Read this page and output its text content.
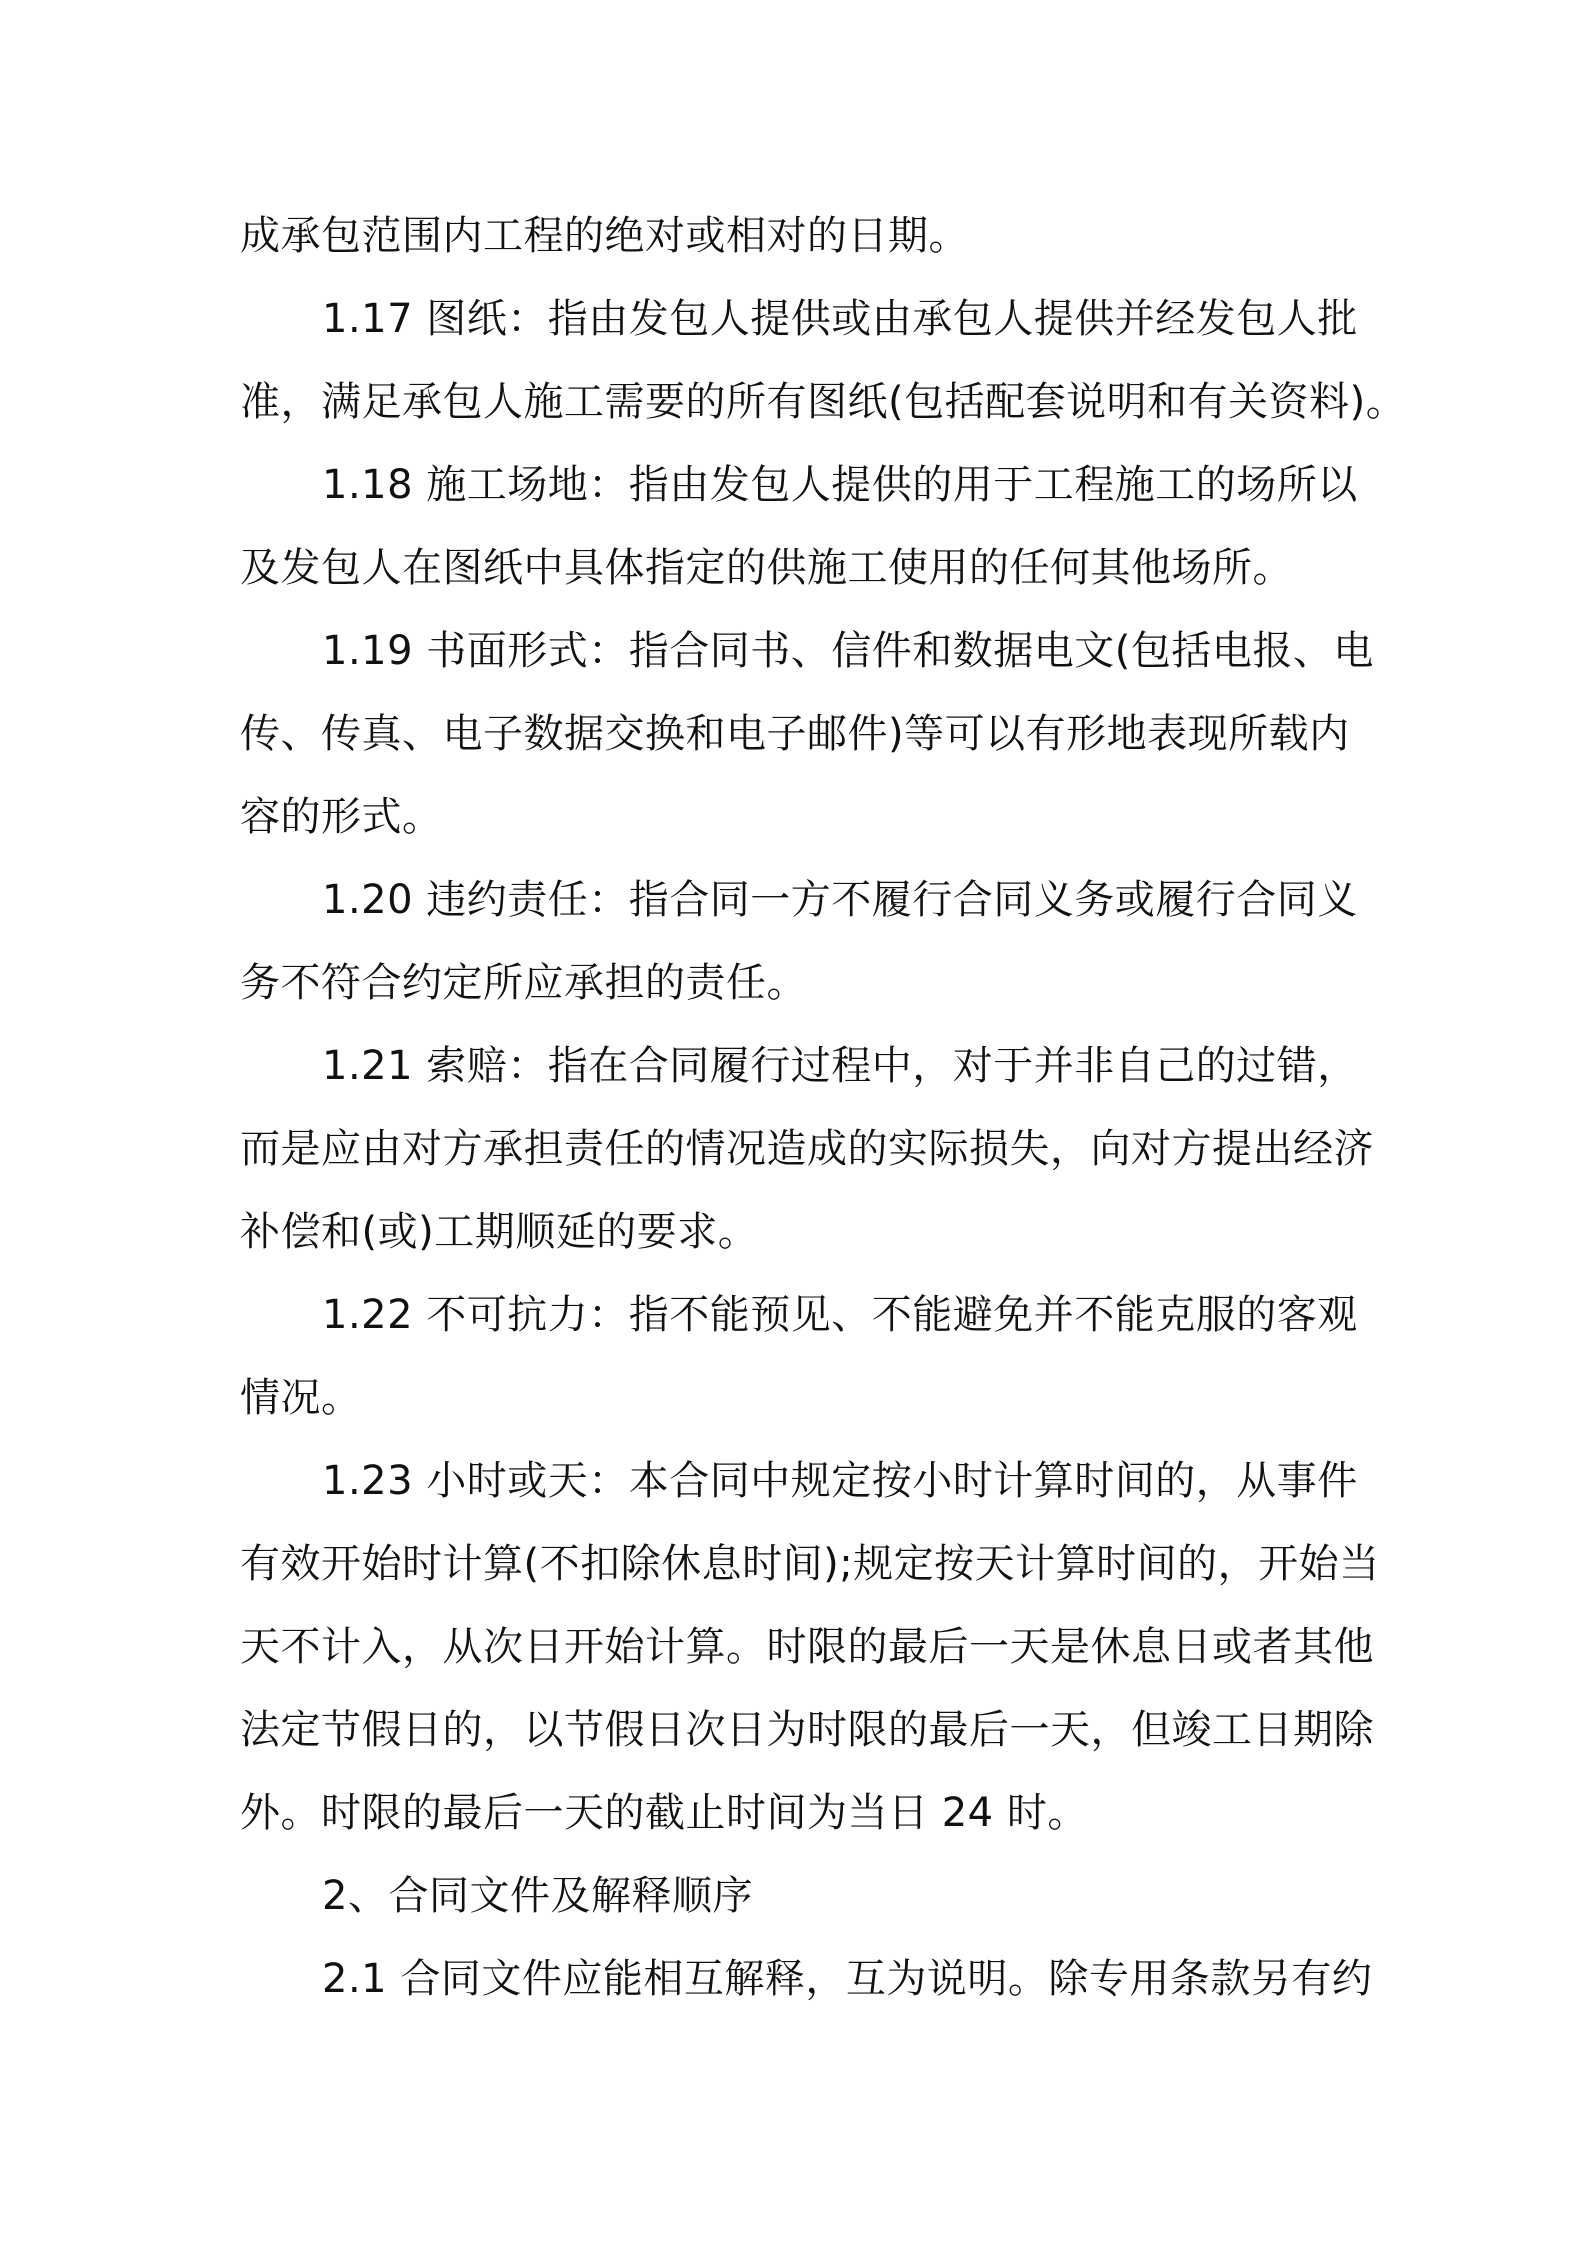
成承包范围内工程的绝对或相对的日期。
1.17 图纸：指由发包人提供或由承包人提供并经发包人批
准，满足承包人施工需要的所有图纸(包括配套说明和有关资料)。
1.18 施工场地：指由发包人提供的用于工程施工的场所以
及发包人在图纸中具体指定的供施工使用的任何其他场所。
1.19 书面形式：指合同书、信件和数据电文(包括电报、电
传、传真、电子数据交换和电子邮件)等可以有形地表现所载内
容的形式。
1.20 违约责任：指合同一方不履行合同义务或履行合同义
务不符合约定所应承担的责任。
1.21 索赔：指在合同履行过程中，对于并非自己的过错，
而是应由对方承担责任的情况造成的实际损失，向对方提出经济
补偿和(或)工期顺延的要求。
1.22 不可抗力：指不能预见、不能避免并不能克服的客观
情况。
1.23 小时或天：本合同中规定按小时计算时间的，从事件
有效开始时计算(不扣除休息时间);规定按天计算时间的，开始当
天不计入，从次日开始计算。时限的最后一天是休息日或者其他
法定节假日的，以节假日次日为时限的最后一天，但竣工日期除
外。时限的最后一天的截止时间为当日 24 时。
2、合同文件及解释顺序
2.1 合同文件应能相互解释，互为说明。除专用条款另有约
